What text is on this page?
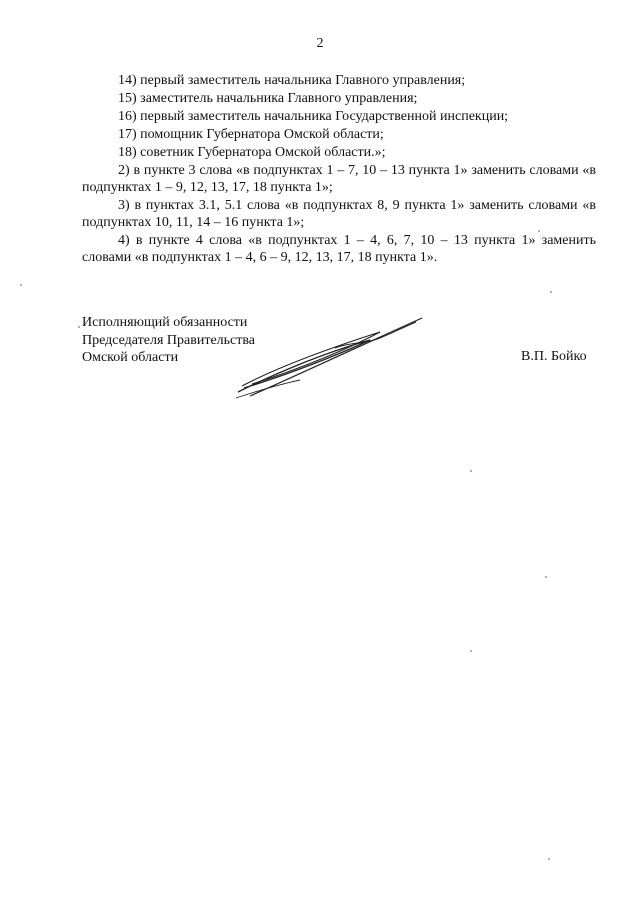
2

14) первый заместитель начальника Главного управления;

15) заместитель начальника Главного управления;

16) первый заместитель начальника Государственной инспекции;

17) помощник Губернатора Омской области;

18) советник Губернатора Омской области.»;

2) в пункте 3 слова «в подпунктах 1 – 7, 10 – 13 пункта 1» заменить словами «в подпунктах 1 – 9, 12, 13, 17, 18 пункта 1»;

3) в пунктах 3.1, 5.1 слова «в подпунктах 8, 9 пункта 1» заменить словами «в подпунктах 10, 11, 14 – 16 пункта 1»;

4) в пункте 4 слова «в подпунктах 1 – 4, 6, 7, 10 – 13 пункта 1» заменить словами «в подпунктах 1 – 4, 6 – 9, 12, 13, 17, 18 пункта 1».

Исполняющий обязанности
Председателя Правительства
Омской области	В.П. Бойко
